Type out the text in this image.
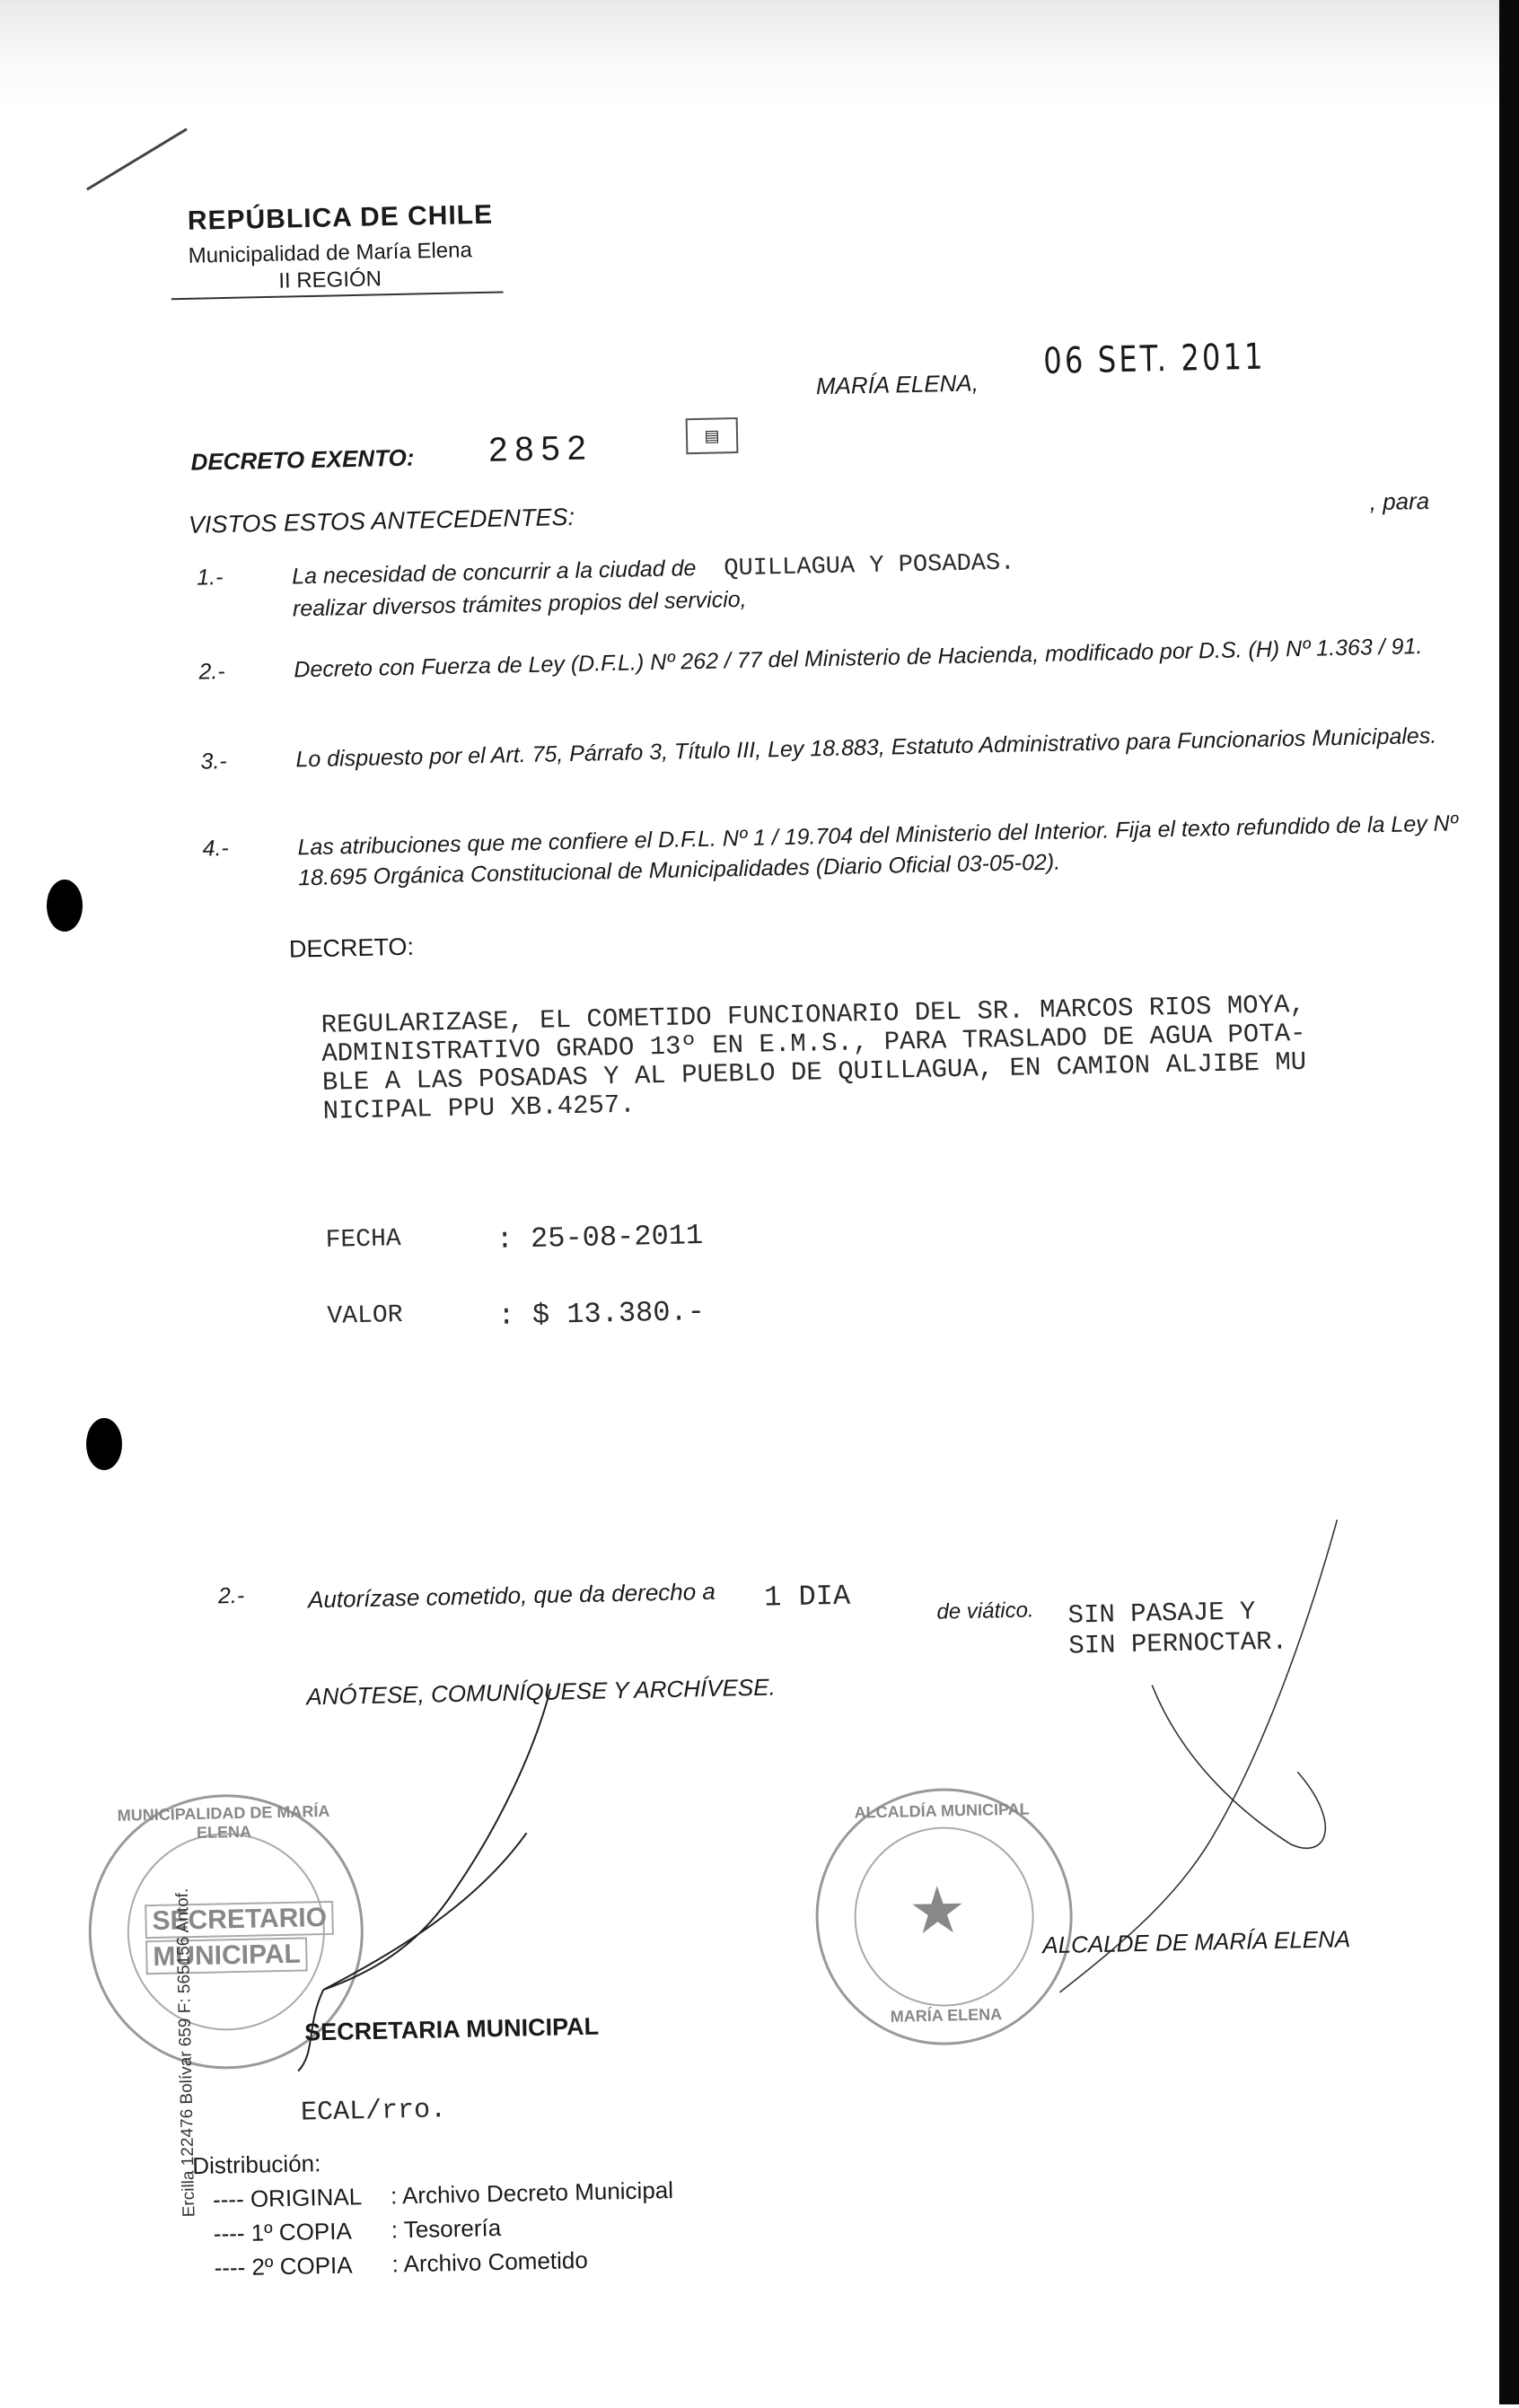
REPÚBLICA DE CHILE
Municipalidad de María Elena
II REGIÓN
MARÍA ELENA,
06 SET. 2011
DECRETO EXENTO: 2852	▤
VISTOS ESTOS ANTECEDENTES:
, para
1.-	La necesidad de concurrir a la ciudad de QUILLAGUA Y POSADAS.
realizar diversos trámites propios del servicio,
2.-	Decreto con Fuerza de Ley (D.F.L.) Nº 262 / 77 del Ministerio de Hacienda, modificado por D.S. (H) Nº 1.363 / 91.
3.-	Lo dispuesto por el Art. 75, Párrafo 3, Título III, Ley 18.883, Estatuto Administrativo para Funcionarios Municipales.
4.-	Las atribuciones que me confiere el D.F.L. Nº 1 / 19.704 del Ministerio del Interior. Fija el texto refundido de la Ley Nº 18.695 Orgánica Constitucional de Municipalidades (Diario Oficial 03-05-02).
DECRETO:
REGULARIZASE, EL COMETIDO FUNCIONARIO DEL SR. MARCOS RIOS MOYA,
ADMINISTRATIVO GRADO 13º EN E.M.S., PARA TRASLADO DE AGUA POTA-
BLE A LAS POSADAS Y AL PUEBLO DE QUILLAGUA, EN CAMION ALJIBE MU
NICIPAL PPU XB.4257.
FECHA	: 25-08-2011
VALOR	: $ 13.380.-
2.-	Autorízase cometido, que da derecho a 1 DIA	de viático. SIN PASAJE Y
SIN PERNOCTAR.
ANÓTESE, COMUNÍQUESE Y ARCHÍVESE.
MUNICIPALIDAD DE MARÍA ELENA
SECRETARIO
MUNICIPAL
ALCALDÍA MUNICIPAL
MARÍA ELENA
★
SECRETARIA MUNICIPAL
ALCALDE DE MARÍA ELENA
ECAL/rro.
Distribución:
---- ORIGINAL : Archivo Decreto Municipal
---- 1º COPIA : Tesorería
---- 2º COPIA : Archivo Cometido
Ercilla 122476 Bolívar 659 F: 565156 Antof.
